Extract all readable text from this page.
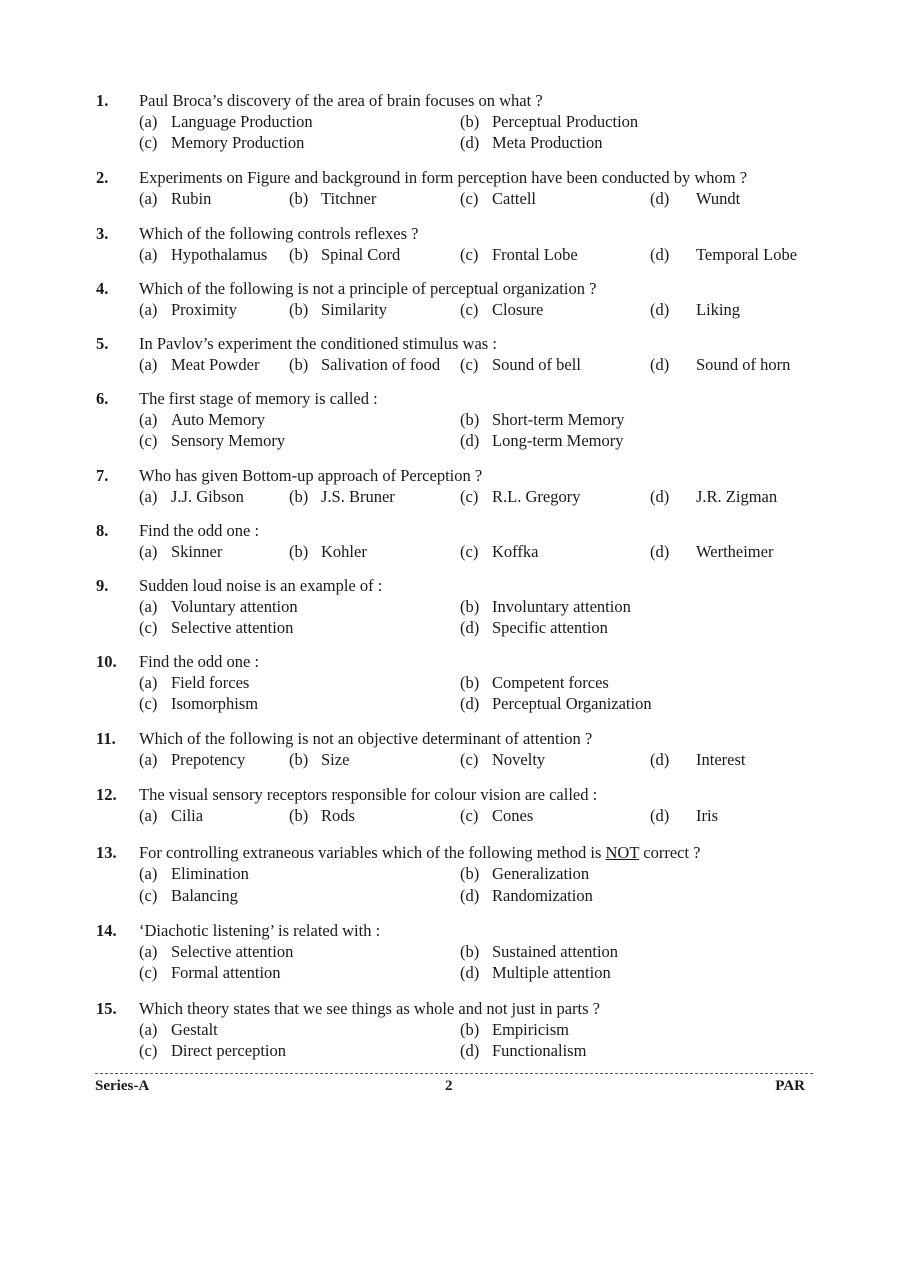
1. Paul Broca’s discovery of the area of brain focuses on what ?
(a) Language Production	(b) Perceptual Production
(c) Memory Production	(d) Meta Production
2. Experiments on Figure and background in form perception have been conducted by whom ?
(a) Rubin	(b) Titchner	(c) Cattell	(d) Wundt
3. Which of the following controls reflexes ?
(a) Hypothalamus (b) Spinal Cord	(c) Frontal Lobe	(d) Temporal Lobe
4. Which of the following is not a principle of perceptual organization ?
(a) Proximity	(b) Similarity	(c) Closure	(d) Liking
5. In Pavlov’s experiment the conditioned stimulus was :
(a) Meat Powder (b) Salivation of food (c) Sound of bell	(d) Sound of horn
6. The first stage of memory is called :
(a) Auto Memory	(b) Short-term Memory
(c) Sensory Memory	(d) Long-term Memory
7. Who has given Bottom-up approach of Perception ?
(a) J.J. Gibson	(b) J.S. Bruner	(c) R.L. Gregory	(d) J.R. Zigman
8. Find the odd one :
(a) Skinner	(b) Kohler	(c) Koffka	(d) Wertheimer
9. Sudden loud noise is an example of :
(a) Voluntary attention	(b) Involuntary attention
(c) Selective attention	(d) Specific attention
10. Find the odd one :
(a) Field forces	(b) Competent forces
(c) Isomorphism	(d) Perceptual Organization
11. Which of the following is not an objective determinant of attention ?
(a) Prepotency	(b) Size	(c) Novelty	(d) Interest
12. The visual sensory receptors responsible for colour vision are called :
(a) Cilia	(b) Rods	(c) Cones	(d) Iris
13. For controlling extraneous variables which of the following method is NOT correct ?
(a) Elimination	(b) Generalization
(c) Balancing	(d) Randomization
14. ‘Diachotic listening’ is related with :
(a) Selective attention	(b) Sustained attention
(c) Formal attention	(d) Multiple attention
15. Which theory states that we see things as whole and not just in parts ?
(a) Gestalt	(b) Empiricism
(c) Direct perception	(d) Functionalism
Series-A	2	PAR
